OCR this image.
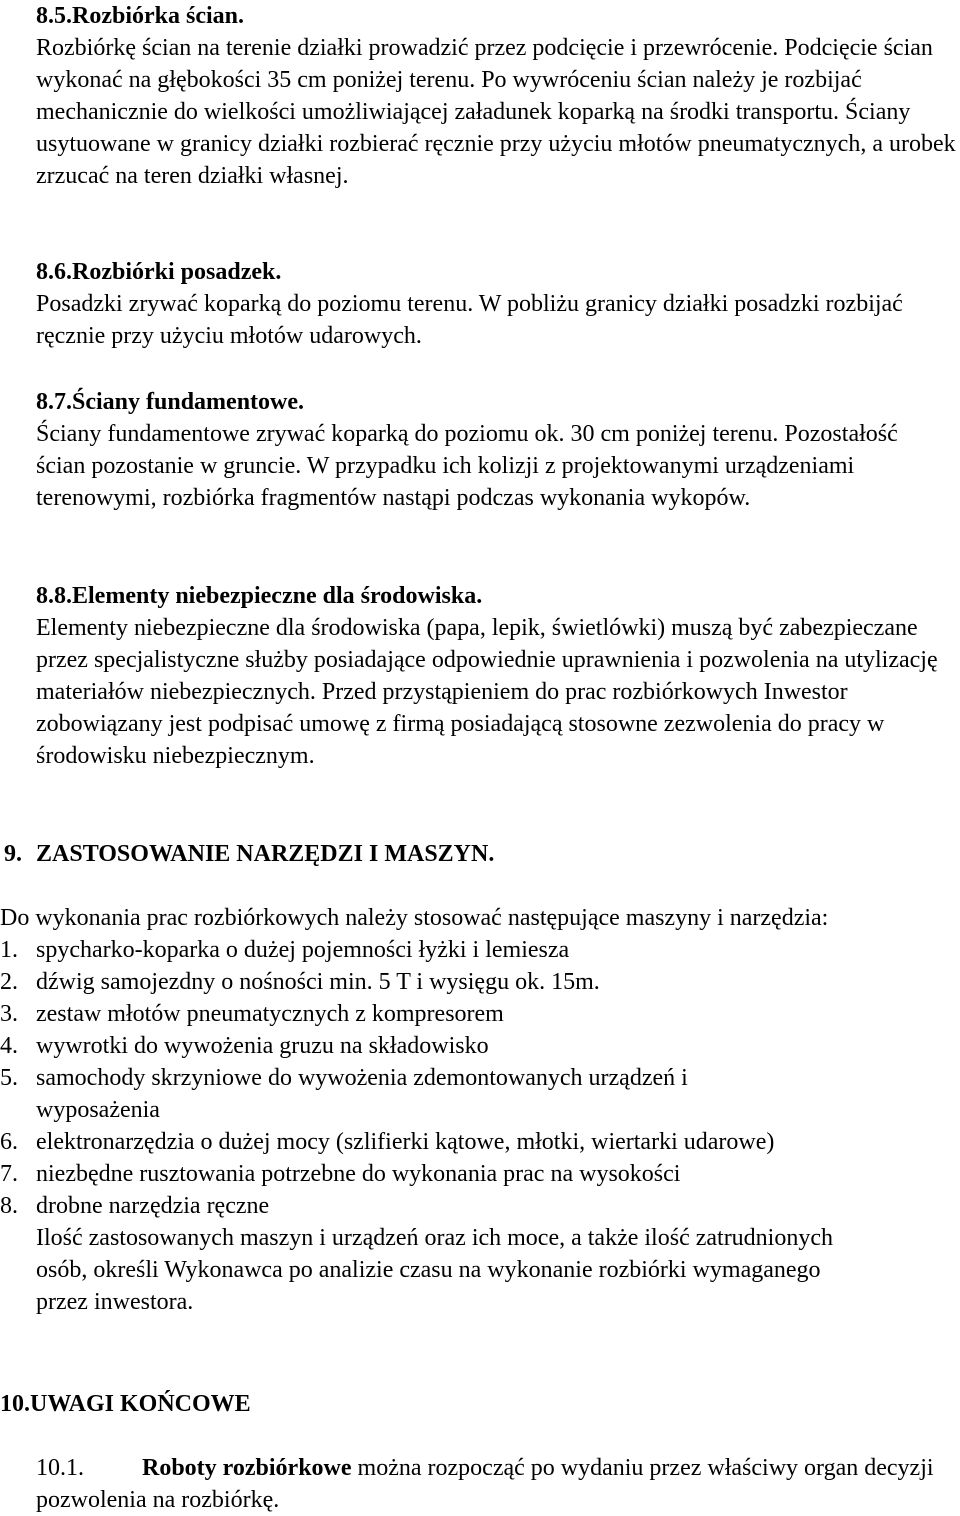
8.5.Rozbiórka ścian.

Rozbiórkę ścian na terenie działki prowadzić przez podcięcie i przewrócenie. Podcięcie ścian wykonać na głębokości 35 cm poniżej terenu. Po wywróceniu ścian należy je rozbijać mechanicznie do wielkości umożliwiającej załadunek koparką na środki transportu. Ściany usytuowane w granicy działki rozbierać ręcznie przy użyciu młotów pneumatycznych, a urobek zrzucać na teren działki własnej.

8.6.Rozbiórki posadzek.

Posadzki zrywać koparką do poziomu terenu. W pobliżu granicy działki posadzki rozbijać ręcznie przy użyciu młotów udarowych.

8.7.Ściany fundamentowe.

Ściany fundamentowe zrywać koparką do poziomu ok. 30 cm poniżej terenu. Pozostałość ścian pozostanie w gruncie. W przypadku ich kolizji z projektowanymi urządzeniami terenowymi, rozbiórka fragmentów nastąpi podczas wykonania wykopów.

8.8.Elementy niebezpieczne dla środowiska.

Elementy niebezpieczne dla środowiska (papa, lepik, świetlówki) muszą być zabezpieczane przez specjalistyczne służby posiadające odpowiednie uprawnienia i pozwolenia na utylizację materiałów niebezpiecznych. Przed przystąpieniem do prac rozbiórkowych Inwestor zobowiązany jest podpisać umowę z firmą posiadającą stosowne zezwolenia do pracy w środowisku niebezpiecznym.

9. ZASTOSOWANIE NARZĘDZI I MASZYN.

Do wykonania prac rozbiórkowych należy stosować następujące maszyny i narzędzia:

1. spycharko-koparka o dużej pojemności łyżki i lemiesza
2. dźwig samojezdny o nośności min. 5 T i wysięgu ok. 15m.
3. zestaw młotów pneumatycznych z kompresorem
4. wywrotki do wywożenia gruzu na składowisko
5. samochody skrzyniowe do wywożenia zdemontowanych urządzeń i wyposażenia
6. elektronarzędzia o dużej mocy (szlifierki kątowe, młotki, wiertarki udarowe)
7. niezbędne rusztowania potrzebne do wykonania prac na wysokości
8. drobne narzędzia ręczne

Ilość zastosowanych maszyn i urządzeń oraz ich moce, a także ilość zatrudnionych osób, określi Wykonawca po analizie czasu na wykonanie rozbiórki wymaganego przez inwestora.

10.UWAGI KOŃCOWE
10.1.	Roboty rozbiórkowe można rozpocząć po wydaniu przez właściwy organ decyzji pozwolenia na rozbiórkę.
